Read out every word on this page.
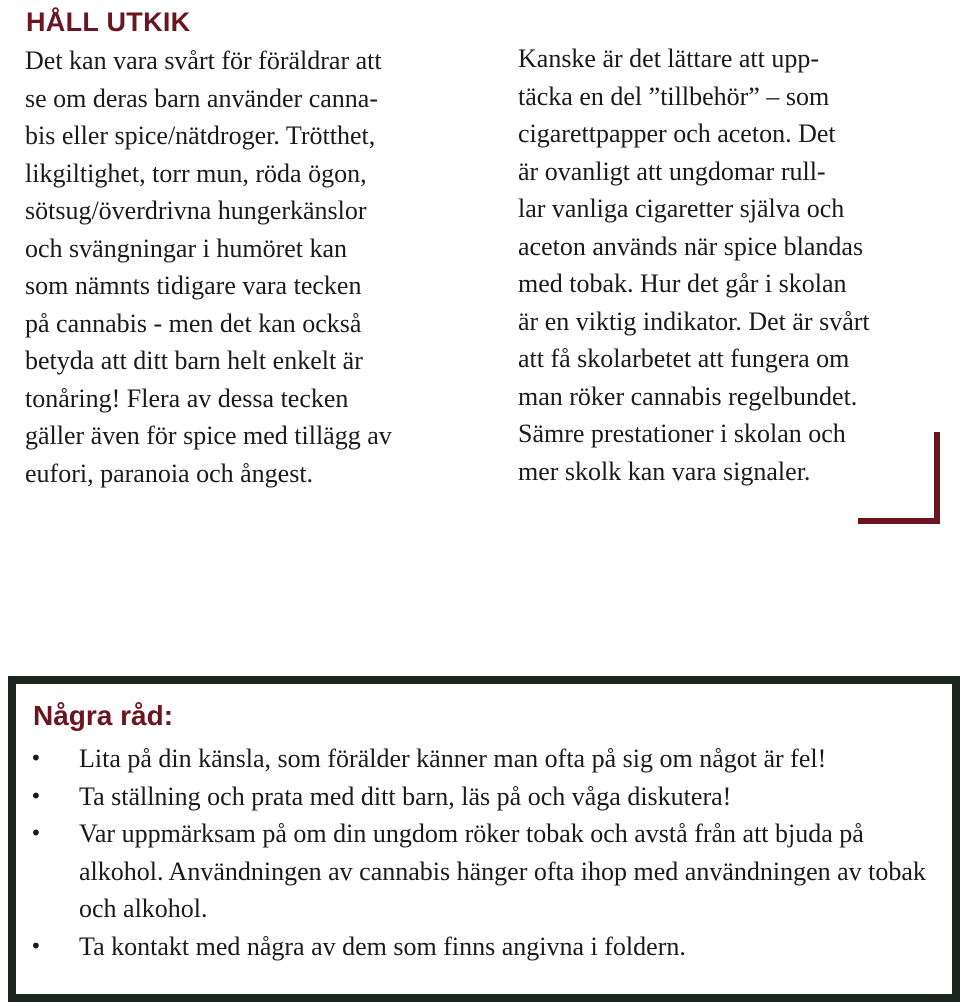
HÅLL UTKIK

Det kan vara svårt för föräldrar att
se om deras barn använder canna-
bis eller spice/nätdroger. Trötthet,
likgiltighet, torr mun, röda ögon,
sötsug/överdrivna hungerkänslor
och svängningar i humöret kan
som nämnts tidigare vara tecken
på cannabis - men det kan också
betyda att ditt barn helt enkelt är
tonåring! Flera av dessa tecken
gäller även för spice med tillägg av
eufori, paranoia och ångest.

Kanske är det lättare att upp-
täcka en del ”tillbehör” – som
cigarettpapper och aceton. Det
är ovanligt att ungdomar rull-
lar vanliga cigaretter själva och
aceton används när spice blandas
med tobak. Hur det går i skolan
är en viktig indikator. Det är svårt
att få skolarbetet att fungera om
man röker cannabis regelbundet.
Sämre prestationer i skolan och
mer skolk kan vara signaler.

Några råd:
• Lita på din känsla, som förälder känner man ofta på sig om något är fel!
• Ta ställning och prata med ditt barn, läs på och våga diskutera!
• Var uppmärksam på om din ungdom röker tobak och avstå från att bjuda på alkohol. Användningen av cannabis hänger ofta ihop med användningen av tobak och alkohol.
• Ta kontakt med några av dem som finns angivna i foldern.
